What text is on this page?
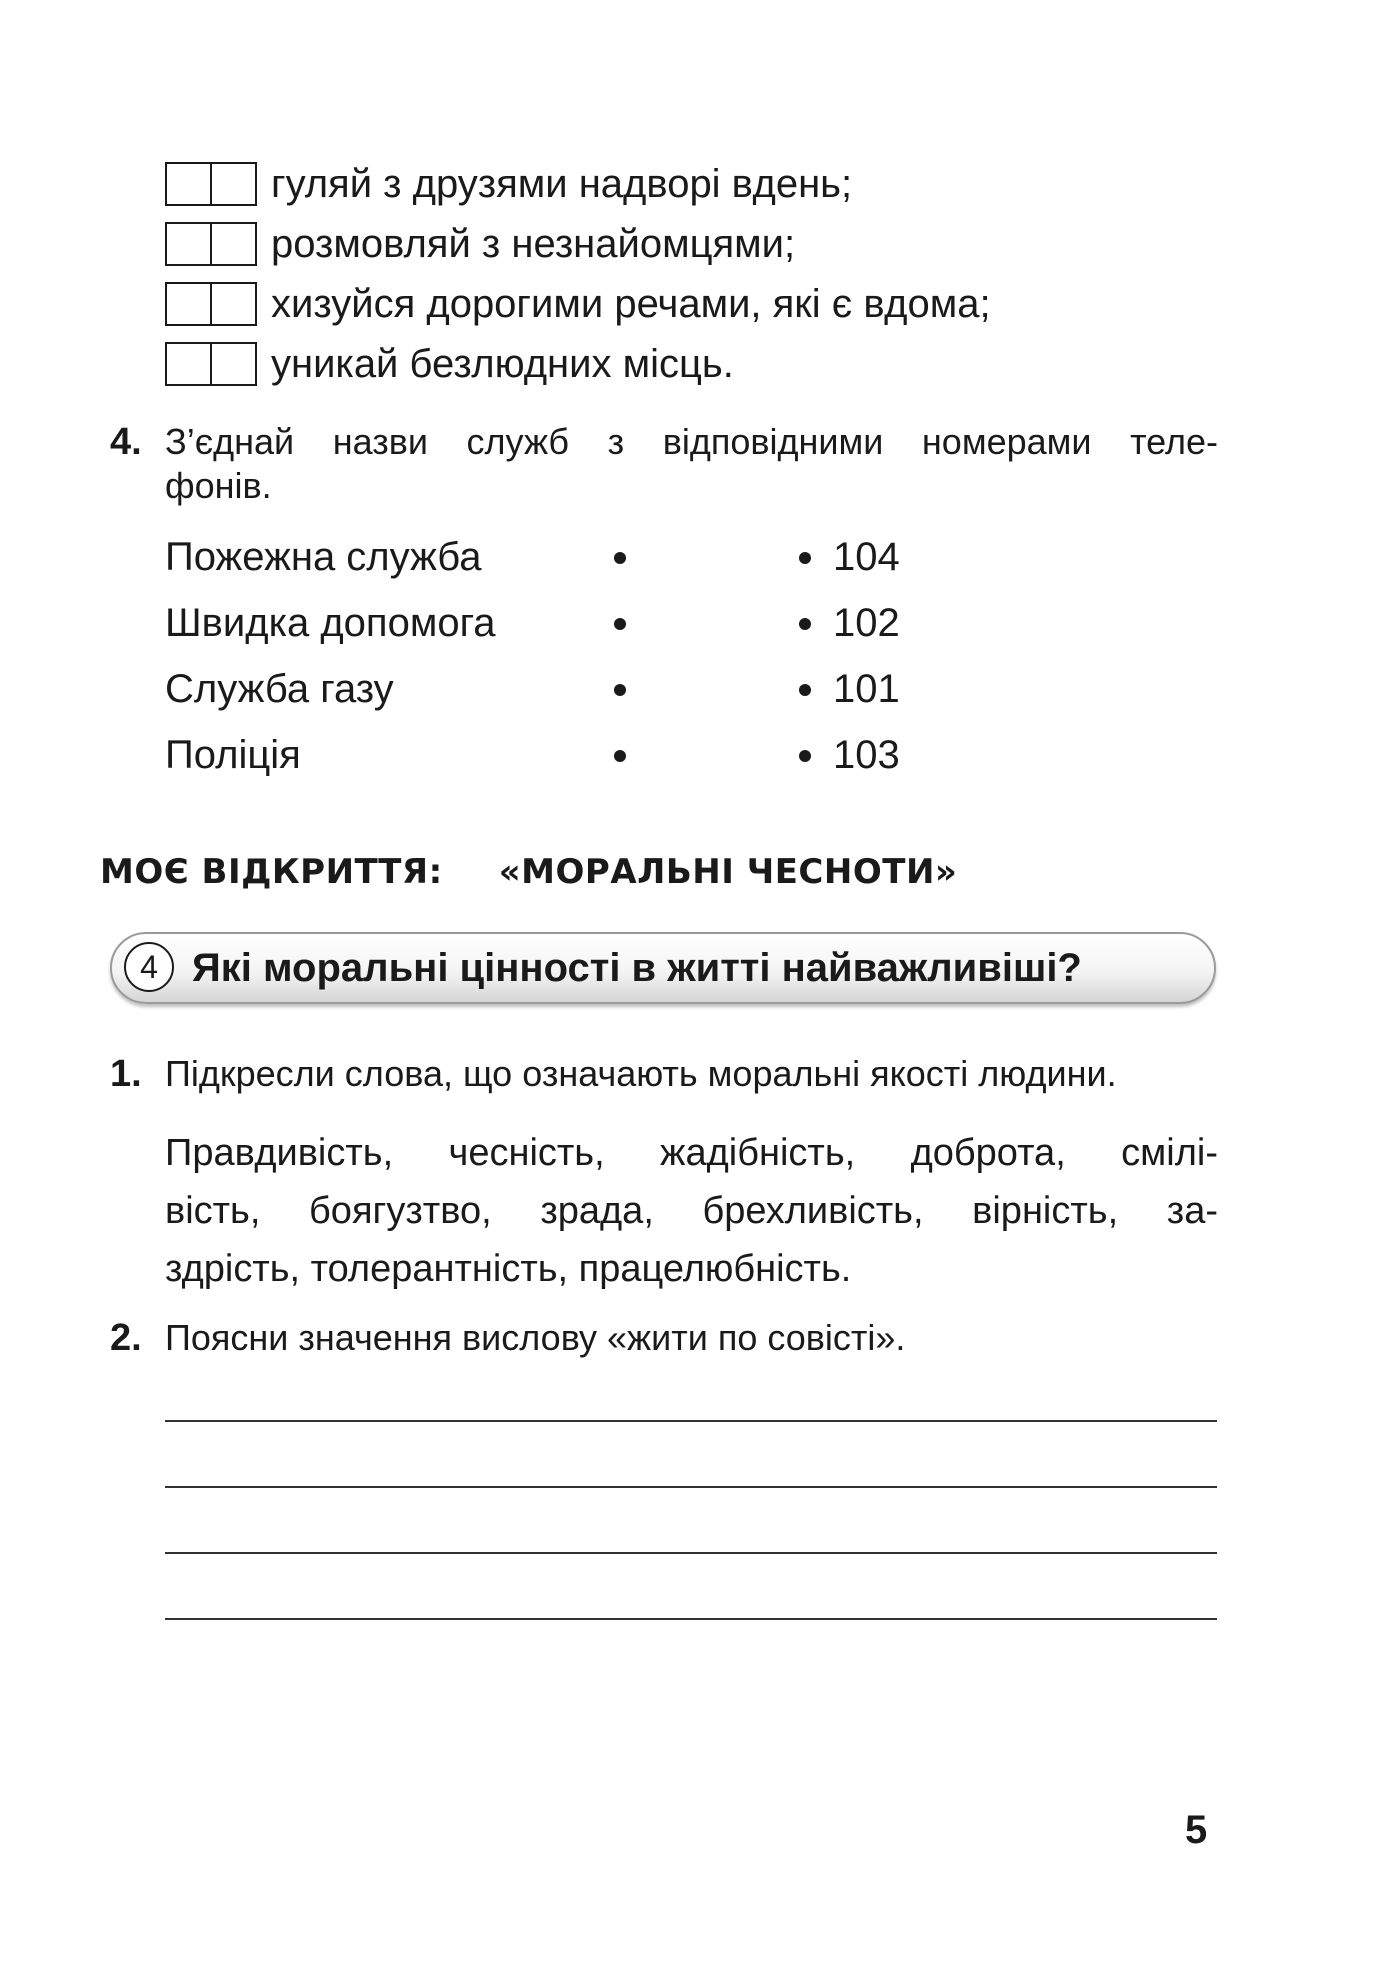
гуляй з друзями надворі вдень;
розмовляй з незнайомцями;
хизуйся дорогими речами, які є вдома;
уникай безлюдних місць.
4. З’єднай назви служб з відповідними номерами теле-
фонів.
Пожежна служба	104
Швидка допомога	102
Служба газу	101
Поліція	103
МОЄ ВІДКРИТТЯ: «МОРАЛЬНІ ЧЕСНОТИ»
4 Які моральні цінності в житті найважливіші?
1. Підкресли слова, що означають моральні якості людини.
Правдивість, чесність, жадібність, доброта, смілі-
вість, боягузтво, зрада, брехливість, вірність, за-
здрість, толерантність, працелюбність.
2. Поясни значення вислову «жити по совісті».
5
